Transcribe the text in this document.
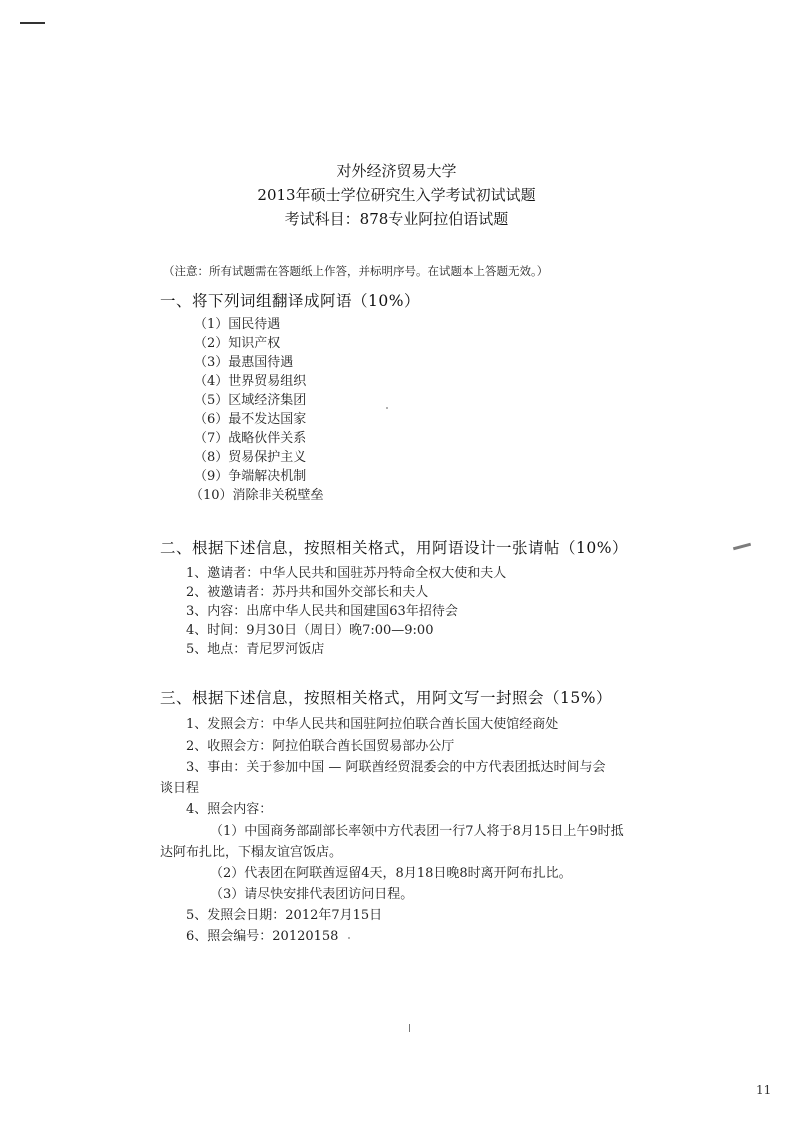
对外经济贸易大学
2013年硕士学位研究生入学考试初试试题
考试科目：878专业阿拉伯语试题
（注意：所有试题需在答题纸上作答，并标明序号。在试题本上答题无效。）
一、将下列词组翻译成阿语（10%）
（1）国民待遇
（2）知识产权
（3）最惠国待遇
（4）世界贸易组织
（5）区域经济集团
（6）最不发达国家
（7）战略伙伴关系
（8）贸易保护主义
（9）争端解决机制
（10）消除非关税壁垒
二、根据下述信息，按照相关格式，用阿语设计一张请帖（10%）
1、邀请者：中华人民共和国驻苏丹特命全权大使和夫人
2、被邀请者：苏丹共和国外交部长和夫人
3、内容：出席中华人民共和国建国63年招待会
4、时间：9月30日（周日）晚7:00—9:00
5、地点：青尼罗河饭店
三、根据下述信息，按照相关格式，用阿文写一封照会（15%）
1、发照会方：中华人民共和国驻阿拉伯联合酋长国大使馆经商处
2、收照会方：阿拉伯联合酋长国贸易部办公厅
3、事由：关于参加中国 — 阿联酋经贸混委会的中方代表团抵达时间与会
谈日程
4、照会内容：
（1）中国商务部副部长率领中方代表团一行7人将于8月15日上午9时抵
达阿布扎比，下榻友谊宫饭店。
（2）代表团在阿联酋逗留4天，8月18日晚8时离开阿布扎比。
（3）请尽快安排代表团访问日程。
5、发照会日期：2012年7月15日
6、照会编号：20120158
11
